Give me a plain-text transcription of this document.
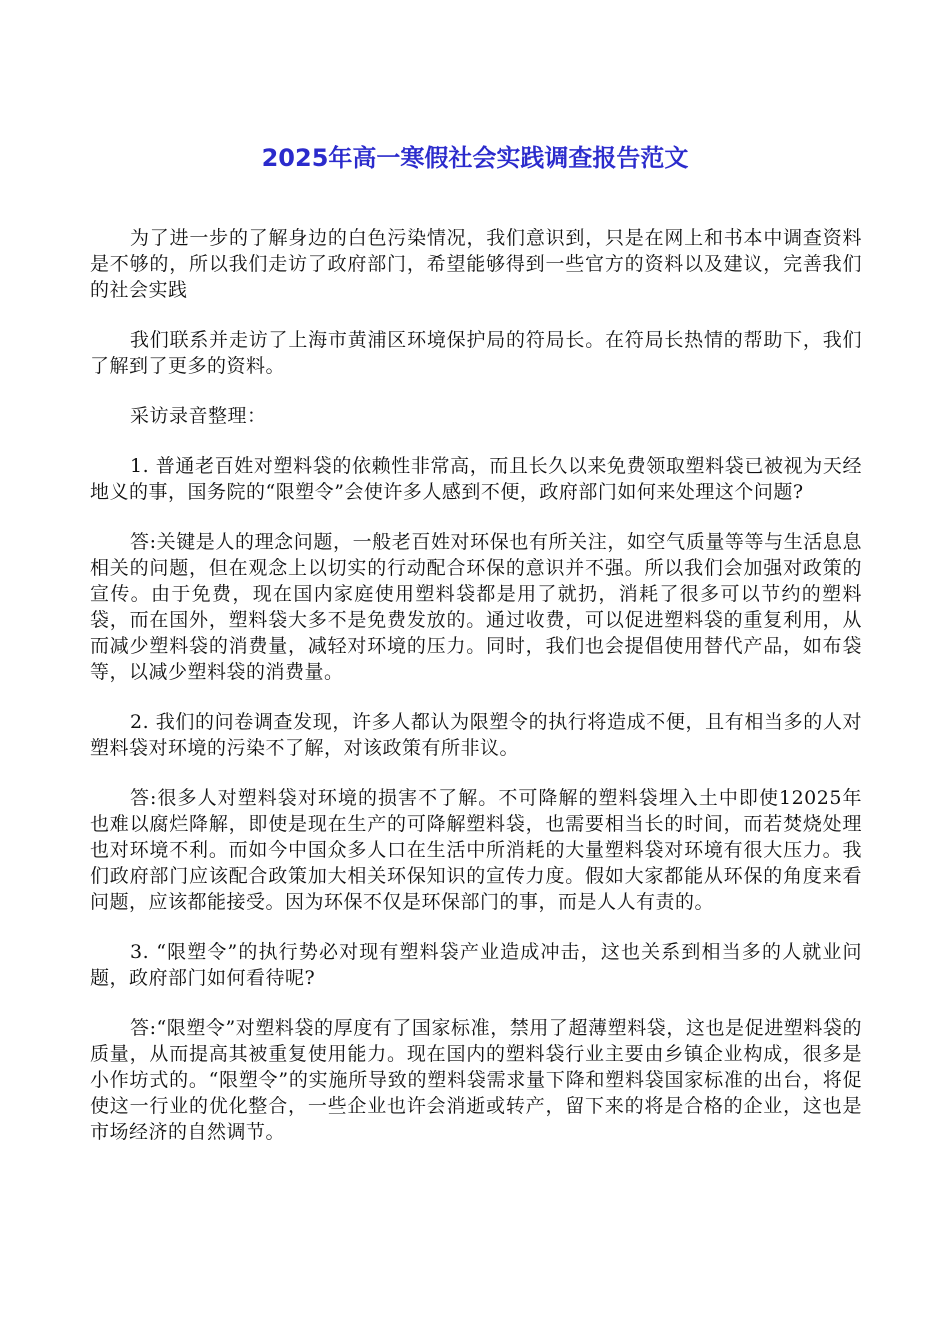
2025年高一寒假社会实践调查报告范文

为了进一步的了解身边的白色污染情况，我们意识到，只是在网上和书本中调查资料是不够的，所以我们走访了政府部门，希望能够得到一些官方的资料以及建议，完善我们的社会实践

我们联系并走访了上海市黄浦区环境保护局的符局长。在符局长热情的帮助下，我们了解到了更多的资料。

采访录音整理：

1. 普通老百姓对塑料袋的依赖性非常高，而且长久以来免费领取塑料袋已被视为天经地义的事，国务院的“限塑令”会使许多人感到不便，政府部门如何来处理这个问题?

答:关键是人的理念问题，一般老百姓对环保也有所关注，如空气质量等等与生活息息相关的问题，但在观念上以切实的行动配合环保的意识并不强。所以我们会加强对政策的宣传。由于免费，现在国内家庭使用塑料袋都是用了就扔，消耗了很多可以节约的塑料袋，而在国外，塑料袋大多不是免费发放的。通过收费，可以促进塑料袋的重复利用，从而减少塑料袋的消费量，减轻对环境的压力。同时，我们也会提倡使用替代产品，如布袋等，以减少塑料袋的消费量。

2. 我们的问卷调查发现，许多人都认为限塑令的执行将造成不便，且有相当多的人对塑料袋对环境的污染不了解，对该政策有所非议。

答:很多人对塑料袋对环境的损害不了解。不可降解的塑料袋埋入土中即使12025年也难以腐烂降解，即使是现在生产的可降解塑料袋，也需要相当长的时间，而若焚烧处理也对环境不利。而如今中国众多人口在生活中所消耗的大量塑料袋对环境有很大压力。我们政府部门应该配合政策加大相关环保知识的宣传力度。假如大家都能从环保的角度来看问题，应该都能接受。因为环保不仅是环保部门的事，而是人人有责的。

3. “限塑令”的执行势必对现有塑料袋产业造成冲击，这也关系到相当多的人就业问题，政府部门如何看待呢?

答:“限塑令”对塑料袋的厚度有了国家标准，禁用了超薄塑料袋，这也是促进塑料袋的质量，从而提高其被重复使用能力。现在国内的塑料袋行业主要由乡镇企业构成，很多是小作坊式的。“限塑令”的实施所导致的塑料袋需求量下降和塑料袋国家标准的出台，将促使这一行业的优化整合，一些企业也许会消逝或转产，留下来的将是合格的企业，这也是市场经济的自然调节。
